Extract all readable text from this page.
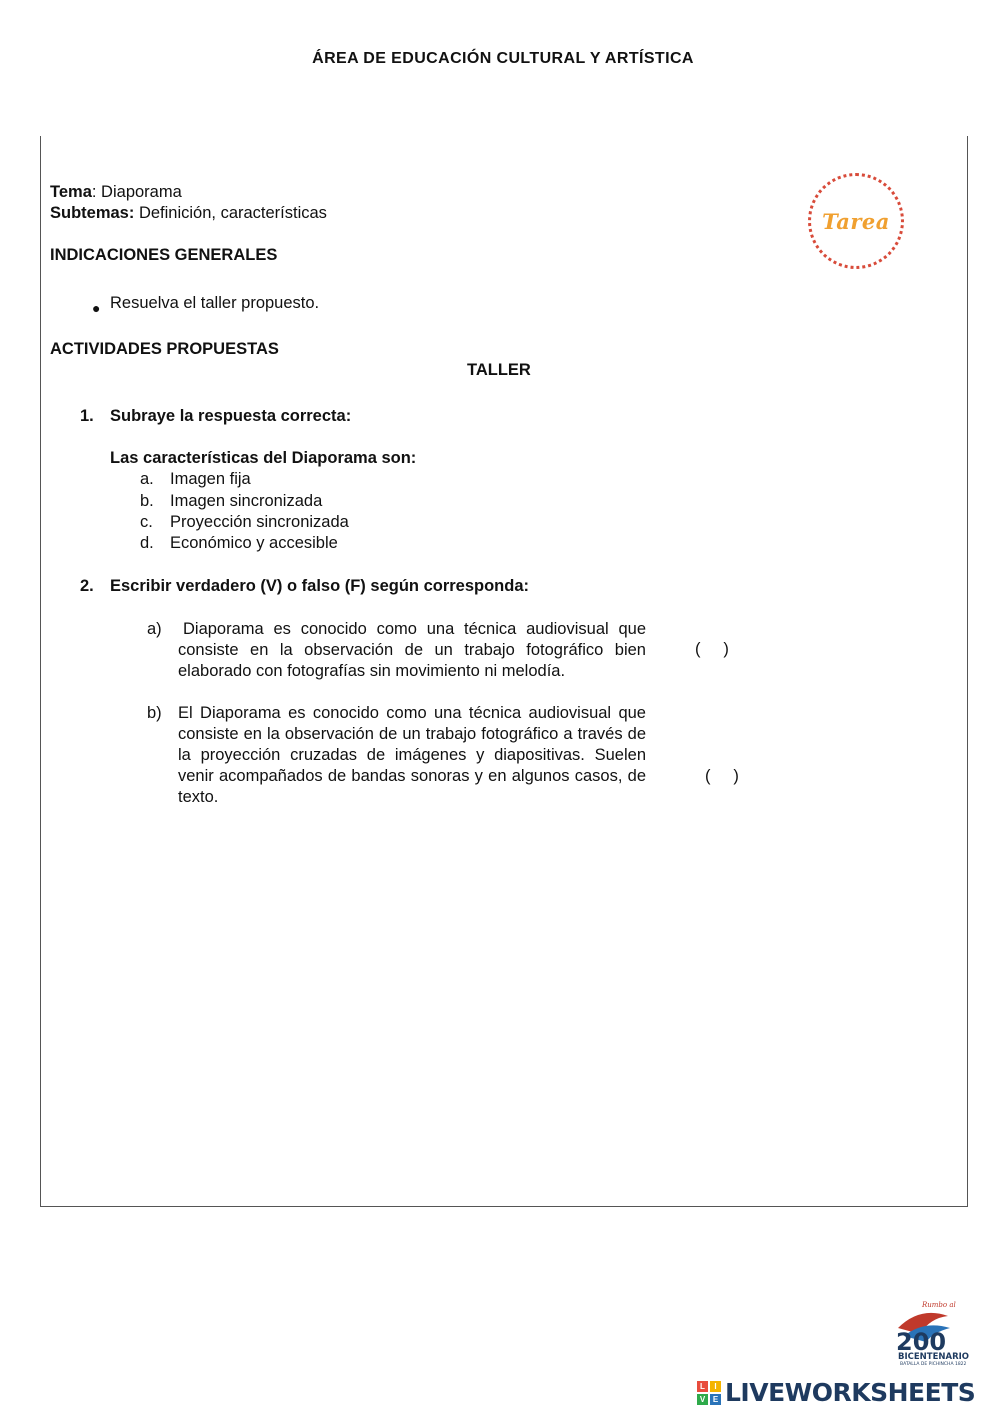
ÁREA DE EDUCACIÓN CULTURAL Y ARTÍSTICA
Tema: Diaporama
Subtemas: Definición, características
INDICACIONES GENERALES
● Resuelva el taller propuesto.
ACTIVIDADES PROPUESTAS
TALLER
1. Subraye la respuesta correcta:
Las características del Diaporama son:
a. Imagen fija
b. Imagen sincronizada
c. Proyección sincronizada
d. Económico y accesible
2. Escribir verdadero (V) o falso (F) según corresponda:
a)	Diaporama es conocido como una técnica audiovisual que consiste en la observación de un trabajo fotográfico bien elaborado con fotografías sin movimiento ni melodía.
(     )
b) El Diaporama es conocido como una técnica audiovisual que consiste en la observación de un trabajo fotográfico a través de la proyección cruzadas de imágenes y diapositivas. Suelen venir acompañados de bandas sonoras y en algunos casos, de texto.
(     )
Tarea
Rumbo al
200
BICENTENARIO
BATALLA DE PICHINCHA 1822
L	I
V E LIVEWORKSHEETS
